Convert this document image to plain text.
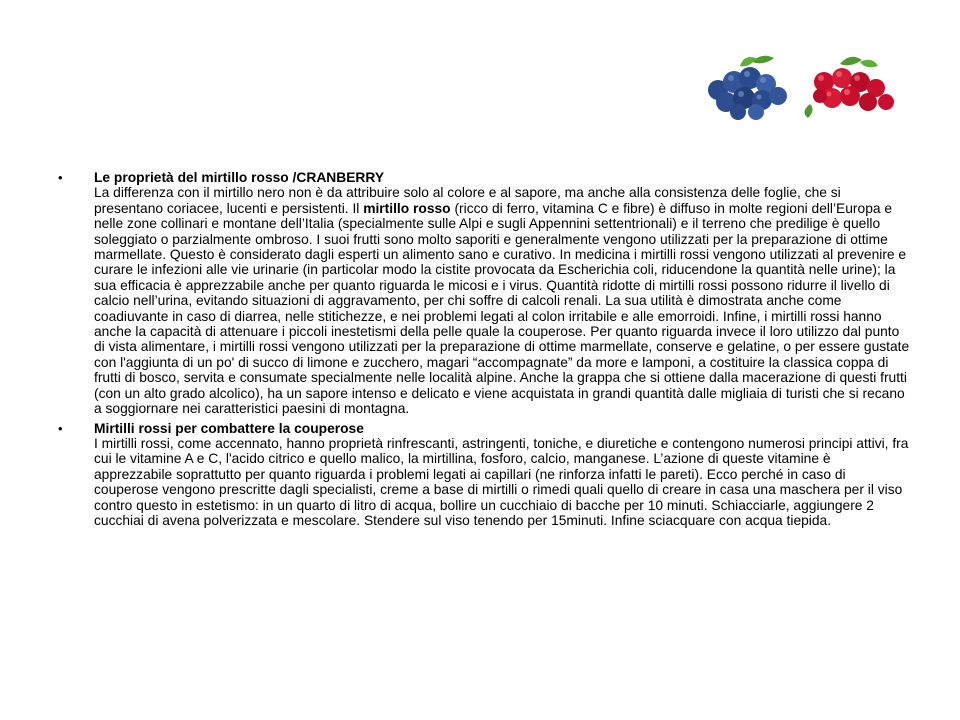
•	Le proprietà del mirtillo rosso /CRANBERRY
La differenza con il mirtillo nero non è da attribuire solo al colore e al sapore, ma anche alla consistenza delle foglie, che si presentano coriacee, lucenti e persistenti. Il mirtillo rosso (ricco di ferro, vitamina C e fibre) è diffuso in molte regioni dell’Europa e nelle zone collinari e montane dell’Italia (specialmente sulle Alpi e sugli Appennini settentrionali) e il terreno che predilige è quello soleggiato o parzialmente ombroso. I suoi frutti sono molto saporiti e generalmente vengono utilizzati per la preparazione di ottime marmellate. Questo è considerato dagli esperti un alimento sano e curativo. In medicina i mirtilli rossi vengono utilizzati al prevenire e curare le infezioni alle vie urinarie (in particolar modo la cistite provocata da Escherichia coli, riducendone la quantità nelle urine); la sua efficacia è apprezzabile anche per quanto riguarda le micosi e i virus. Quantità ridotte di mirtilli rossi possono ridurre il livello di calcio nell’urina, evitando situazioni di aggravamento, per chi soffre di calcoli renali. La sua utilità è dimostrata anche come coadiuvante in caso di diarrea, nelle stitichezze, e nei problemi legati al colon irritabile e alle emorroidi. Infine, i mirtilli rossi hanno anche la capacità di attenuare i piccoli inestetismi della pelle quale la couperose. Per quanto riguarda invece il loro utilizzo dal punto di vista alimentare, i mirtilli rossi vengono utilizzati per la preparazione di ottime marmellate, conserve e gelatine, o per essere gustate con l'aggiunta di un po' di succo di limone e zucchero, magari “accompagnate” da more e lamponi, a costituire la classica coppa di frutti di bosco, servita e consumate specialmente nelle località alpine. Anche la grappa che si ottiene dalla macerazione di questi frutti (con un alto grado alcolico), ha un sapore intenso e delicato e viene acquistata in grandi quantità dalle migliaia di turisti che si recano a soggiornare nei caratteristici paesini di montagna.
•	Mirtilli rossi per combattere la couperose
I mirtilli rossi, come accennato, hanno proprietà rinfrescanti, astringenti, toniche, e diuretiche e contengono numerosi principi attivi, fra cui le vitamine A e C, l'acido citrico e quello malico, la mirtillina, fosforo, calcio, manganese. L’azione di queste vitamine è apprezzabile soprattutto per quanto riguarda i problemi legati ai capillari (ne rinforza infatti le pareti). Ecco perché in caso di couperose vengono prescritte dagli specialisti, creme a base di mirtilli o rimedi quali quello di creare in casa una maschera per il viso contro questo in estetismo: in un quarto di litro di acqua, bollire un cucchiaio di bacche per 10 minuti. Schiacciarle, aggiungere 2 cucchiai di avena polverizzata e mescolare. Stendere sul viso tenendo per 15minuti. Infine sciacquare con acqua tiepida.
